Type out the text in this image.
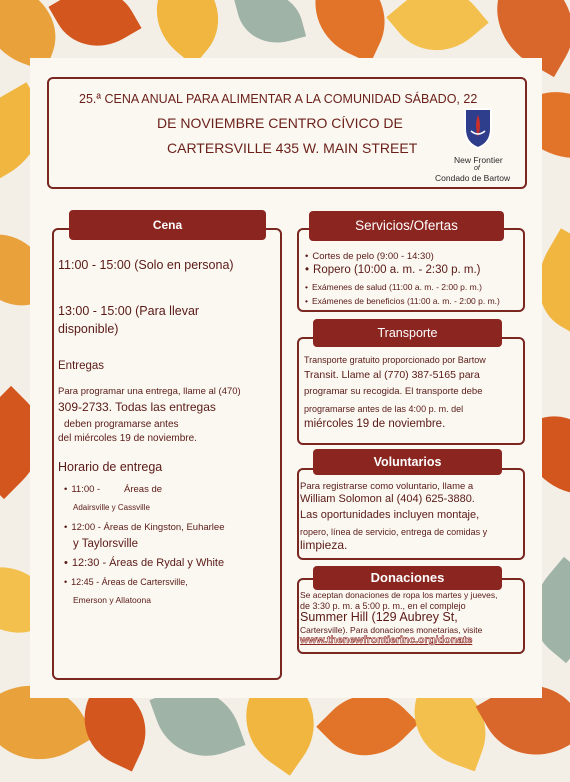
25.ª CENA ANUAL PARA ALIMENTAR A LA COMUNIDAD SÁBADO, 22

DE NOVIEMBRE CENTRO CÍVICO DE

CARTERSVILLE 435 W. MAIN STREET

New Frontier

of

Condado de Bartow

Cena

11:00 - 15:00 (Solo en persona)

13:00 - 15:00 (Para llevar

disponible)

Entregas

Para programar una entrega, llame al (470)

309-2733. Todas las entregas

deben programarse antes

del miércoles 19 de noviembre.

Horario de entrega

• 11:00 -	Áreas de

Adairsville y Cassville

• 12:00 - Áreas de Kingston, Euharlee

y Taylorsville

• 12:30 - Áreas de Rydal y White

• 12:45 - Áreas de Cartersville,

Emerson y Allatoona

Servicios/Ofertas

• Cortes de pelo (9:00 - 14:30)

• Ropero (10:00 a. m. - 2:30 p. m.)

• Exámenes de salud (11:00 a. m. - 2:00 p. m.)

• Exámenes de beneficios (11:00 a. m. - 2:00 p. m.)

Transporte

Transporte gratuito proporcionado por Bartow

Transit. Llame al (770) 387-5165 para

programar su recogida. El transporte debe

programarse antes de las 4:00 p. m. del

miércoles 19 de noviembre.

Voluntarios

Para registrarse como voluntario, llame a

William Solomon al (404) 625-3880.

Las oportunidades incluyen montaje,

ropero, línea de servicio, entrega de comidas y

limpieza.

Donaciones

Se aceptan donaciones de ropa los martes y jueves,

de 3:30 p. m. a 5:00 p. m., en el complejo

Summer Hill (129 Aubrey St,

Cartersville). Para donaciones monetarias, visite

www.thenewfrontierinc.org/donate
